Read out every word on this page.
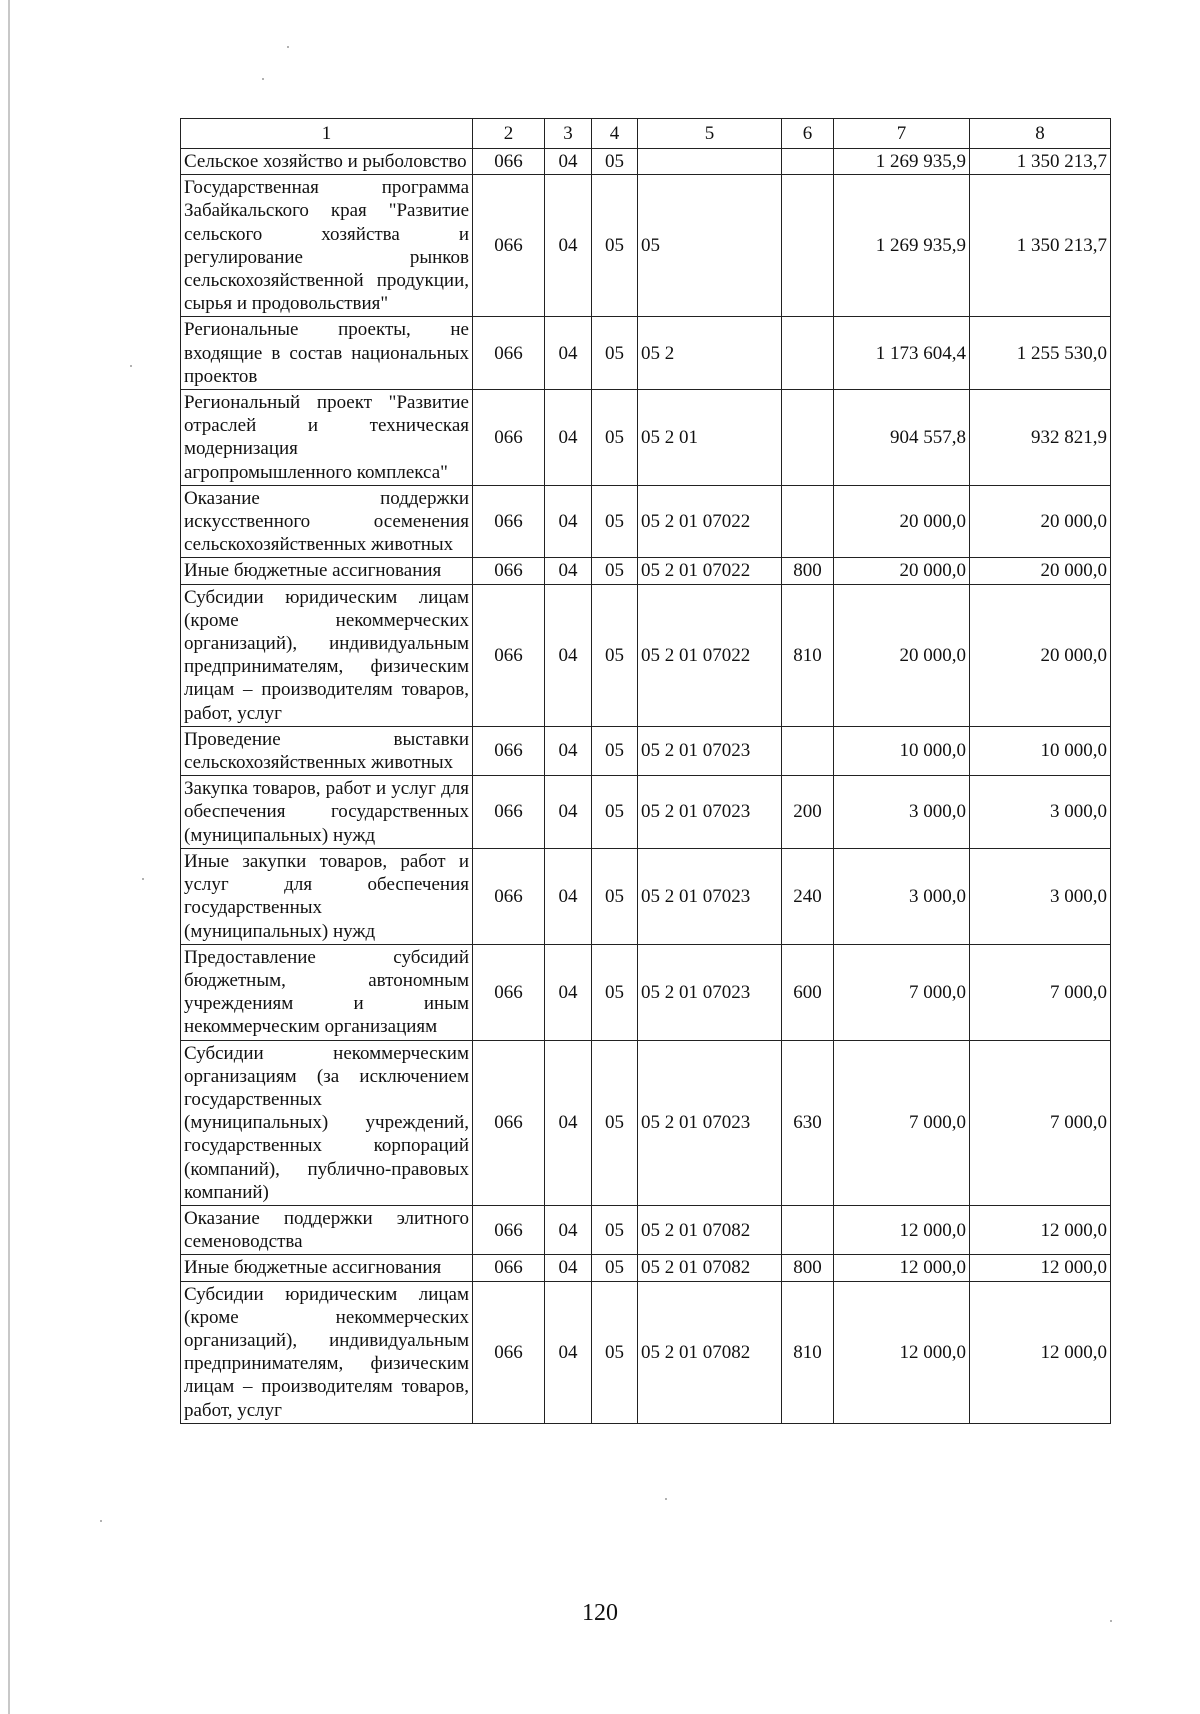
1	2	3	4	5	6	7	8
Сельское хозяйство и рыболовство	066	04	05			1 269 935,9	1 350 213,7
Государственная программа Забайкальского края "Развитие сельского хозяйства и регулирование рынков сельскохозяйственной продукции, сырья и продовольствия"	066	04	05	05		1 269 935,9	1 350 213,7
Региональные проекты, не входящие в состав национальных проектов	066	04	05	05 2		1 173 604,4	1 255 530,0
Региональный проект "Развитие отраслей и техническая модернизация агропромышленного комплекса"	066	04	05	05 2 01		904 557,8	932 821,9
Оказание поддержки искусственного осеменения сельскохозяйственных животных	066	04	05	05 2 01 07022		20 000,0	20 000,0
Иные бюджетные ассигнования	066	04	05	05 2 01 07022	800	20 000,0	20 000,0
Субсидии юридическим лицам (кроме некоммерческих организаций), индивидуальным предпринимателям, физическим лицам – производителям товаров, работ, услуг	066	04	05	05 2 01 07022	810	20 000,0	20 000,0
Проведение выставки сельскохозяйственных животных	066	04	05	05 2 01 07023		10 000,0	10 000,0
Закупка товаров, работ и услуг для обеспечения государственных (муниципальных) нужд	066	04	05	05 2 01 07023	200	3 000,0	3 000,0
Иные закупки товаров, работ и услуг для обеспечения государственных (муниципальных) нужд	066	04	05	05 2 01 07023	240	3 000,0	3 000,0
Предоставление субсидий бюджетным, автономным учреждениям и иным некоммерческим организациям	066	04	05	05 2 01 07023	600	7 000,0	7 000,0
Субсидии некоммерческим организациям (за исключением государственных (муниципальных) учреждений, государственных корпораций (компаний), публично-правовых компаний)	066	04	05	05 2 01 07023	630	7 000,0	7 000,0
Оказание поддержки элитного семеноводства	066	04	05	05 2 01 07082		12 000,0	12 000,0
Иные бюджетные ассигнования	066	04	05	05 2 01 07082	800	12 000,0	12 000,0
Субсидии юридическим лицам (кроме некоммерческих организаций), индивидуальным предпринимателям, физическим лицам – производителям товаров, работ, услуг	066	04	05	05 2 01 07082	810	12 000,0	12 000,0
120
